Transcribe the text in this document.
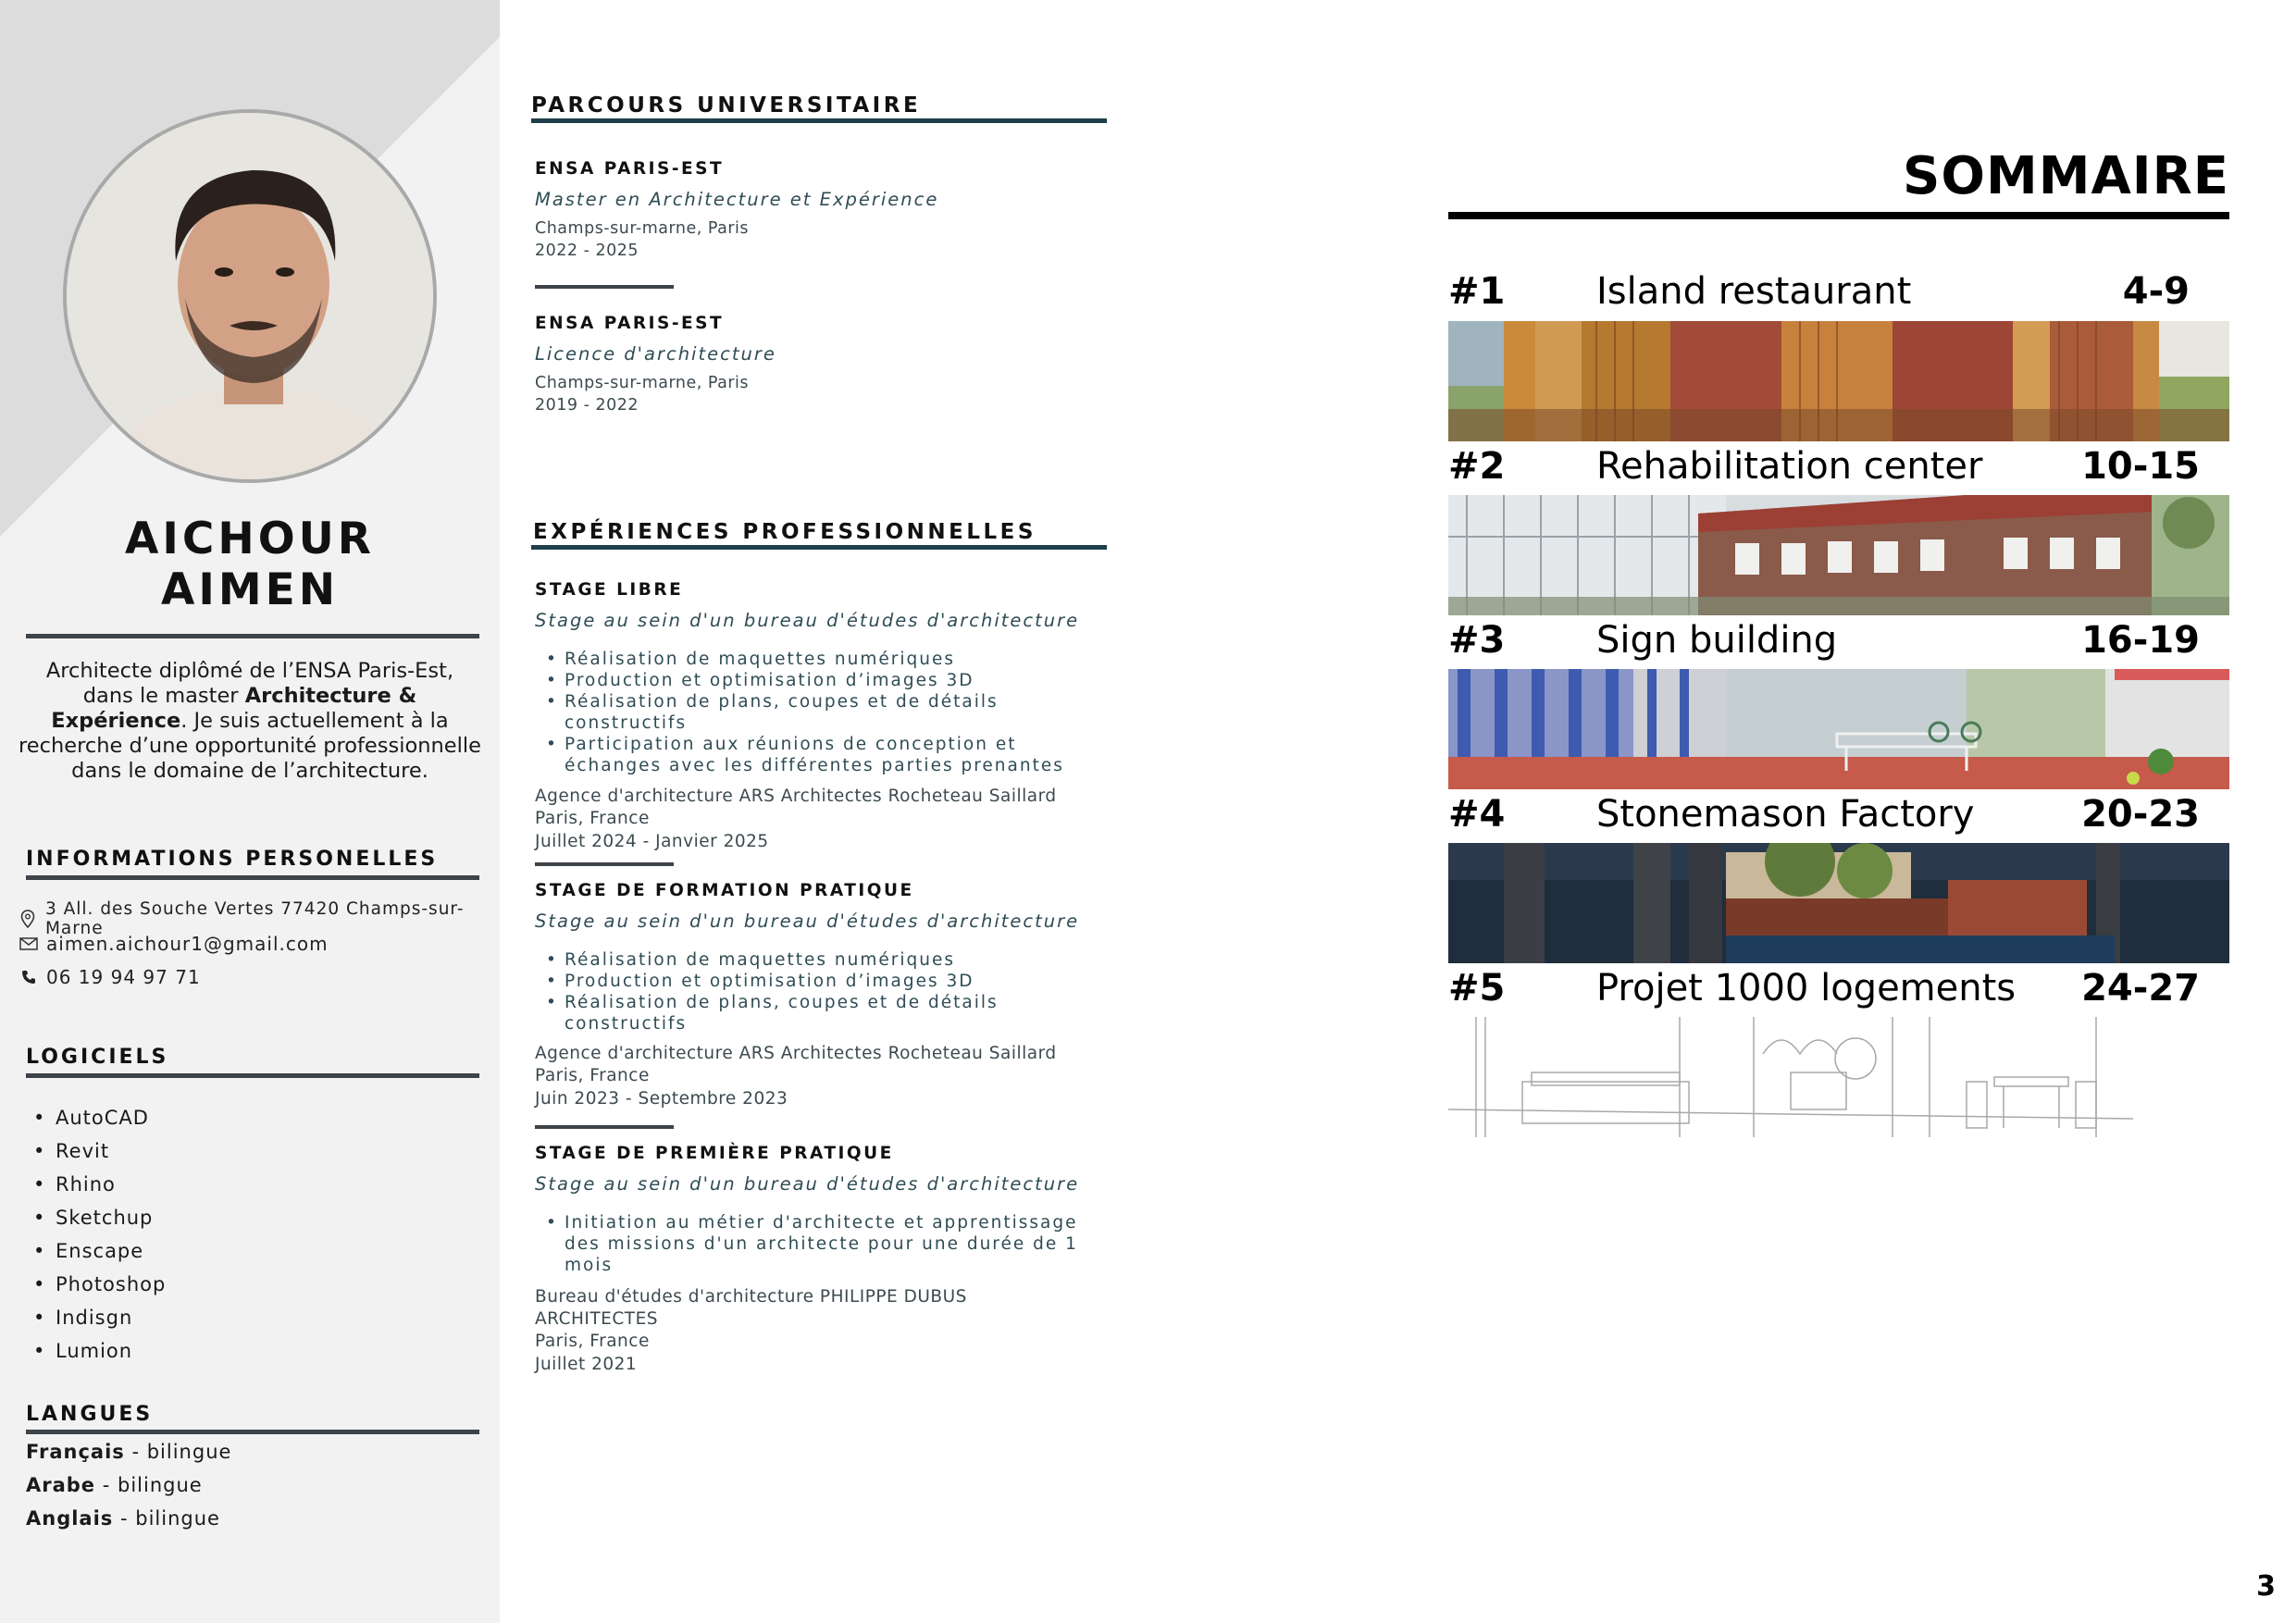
AICHOUR
AIMEN
Architecte diplômé de l’ENSA Paris-Est, dans le master Architecture & Expérience. Je suis actuellement à la recherche d’une opportunité professionnelle dans le domaine de l’architecture.
INFORMATIONS PERSONELLES
3 All. des Souche Vertes 77420 Champs-sur-Marne
aimen.aichour1@gmail.com
06 19 94 97 71
LOGICIELS
• AutoCAD
• Revit
• Rhino
• Sketchup
• Enscape
• Photoshop
• Indisgn
• Lumion
LANGUES
Français - bilingue
Arabe - bilingue
Anglais - bilingue
PARCOURS UNIVERSITAIRE
ENSA PARIS-EST
Master en Architecture et Expérience
Champs-sur-marne, Paris
2022 - 2025
ENSA PARIS-EST
Licence d'architecture
Champs-sur-marne, Paris
2019 - 2022
EXPÉRIENCES PROFESSIONNELLES
STAGE LIBRE
Stage au sein d'un bureau d'études d'architecture
• Réalisation de maquettes numériques
• Production et optimisation d’images 3D
• Réalisation de plans, coupes et de détails constructifs
• Participation aux réunions de conception et échanges avec les différentes parties prenantes
Agence d'architecture ARS Architectes Rocheteau Saillard
Paris, France
Juillet 2024 - Janvier 2025
STAGE DE FORMATION PRATIQUE
Stage au sein d'un bureau d'études d'architecture
• Réalisation de maquettes numériques
• Production et optimisation d’images 3D
• Réalisation de plans, coupes et de détails constructifs
Agence d'architecture ARS Architectes Rocheteau Saillard
Paris, France
Juin 2023 - Septembre 2023
STAGE DE PREMIÈRE PRATIQUE
Stage au sein d'un bureau d'études d'architecture
• Initiation au métier d'architecte et apprentissage des missions d'un architecte pour une durée de 1 mois
Bureau d'études d'architecture PHILIPPE DUBUS ARCHITECTES
Paris, France
Juillet 2021
SOMMAIRE
#1 Island restaurant	4-9
#2 Rehabilitation center	10-15
#3 Sign building	16-19
#4 Stonemason Factory	20-23
#5 Projet 1000 logements 24-27
3
